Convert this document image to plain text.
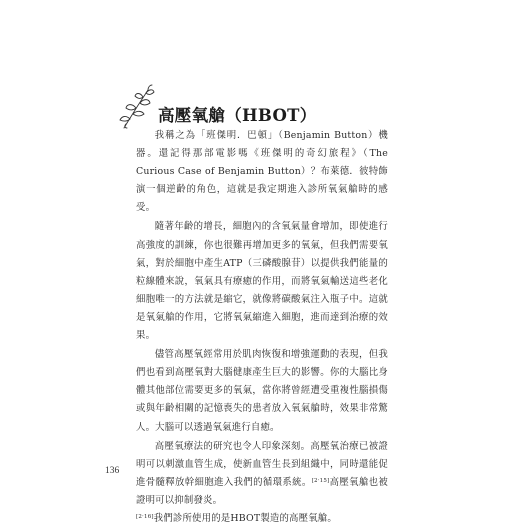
高壓氧艙（HBOT）

我稱之為「班傑明．巴頓」（Benjamin Button）機器。還記得那部電影嗎《班傑明的奇幻旅程》（The Curious Case of Benjamin Button）？布萊德．彼特飾演一個逆齡的角色，這就是我定期進入診所氧氣艙時的感受。

隨著年齡的增長，細胞內的含氧氣量會增加，即使進行高強度的訓練，你也很難再增加更多的氧氣，但我們需要氧氣，對於細胞中產生ATP（三磷酸腺苷）以提供我們能量的粒線體來說，氧氣具有療癒的作用，而將氧氣輸送這些老化細胞唯一的方法就是縮它，就像將碳酸氣注入瓶子中。這就是氧氣艙的作用，它將氧氣縮進入細胞，進而達到治療的效果。

儘管高壓氧經常用於肌肉恢復和增強運動的表現，但我們也看到高壓氧對大腦健康產生巨大的影響。你的大腦比身體其他部位需要更多的氧氣，當你將曾經遭受重複性腦損傷或與年齡相關的記憶喪失的患者放入氧氣艙時，效果非常驚人。大腦可以透過氧氣進行自癒。

高壓氧療法的研究也令人印象深刻。高壓氧治療已被證明可以刺激血管生成，使新血管生長到組織中，同時還能促進骨髓釋放幹細胞進入我們的循環系統。[2·15]高壓氧艙也被證明可以抑制發炎。
[2·16]我們診所使用的是HBOT製造的高壓氧艙。

136
